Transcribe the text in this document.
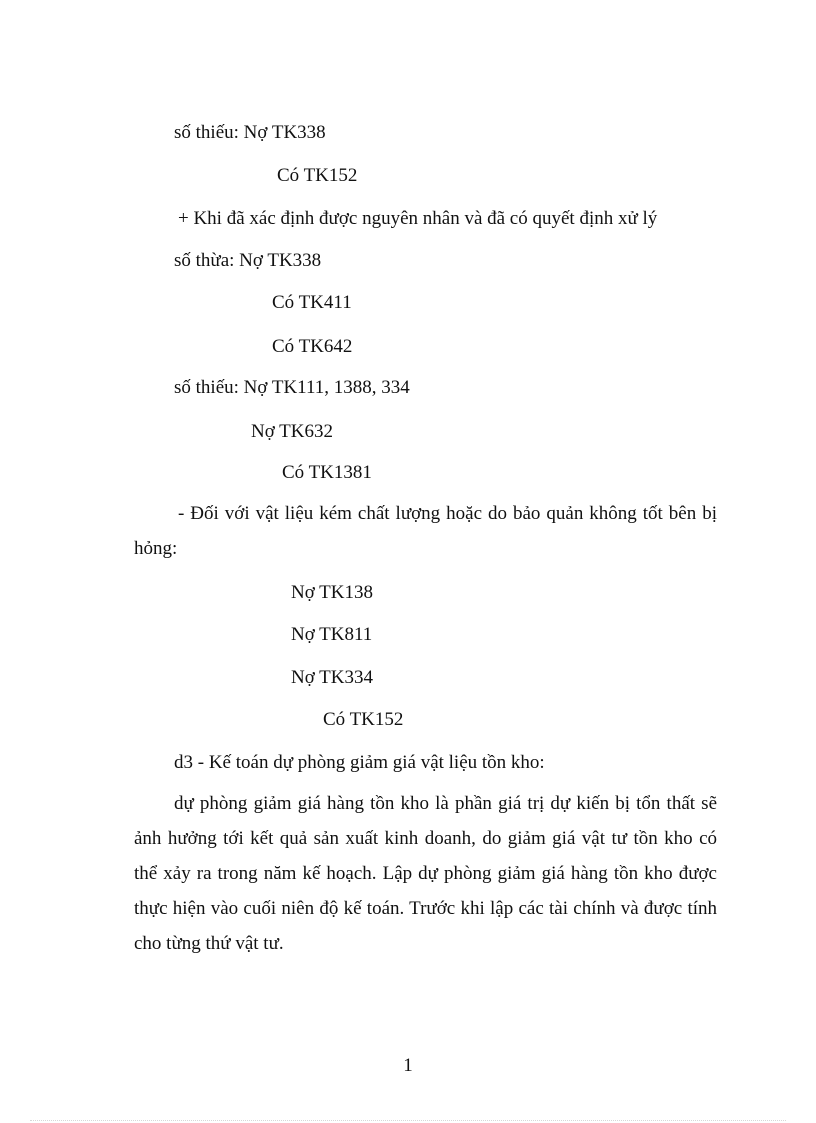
số thiếu: Nợ TK338
Có TK152
+ Khi đã xác định được nguyên nhân và đã có quyết định xử lý
số thừa: Nợ TK338
Có TK411
Có TK642
số thiếu: Nợ TK111, 1388, 334
Nợ TK632
Có TK1381

- Đối với vật liệu kém chất lượng hoặc do bảo quản không tốt bên bị hỏng:

Nợ TK138
Nợ TK811
Nợ TK334
Có TK152
d3 - Kế toán dự phòng giảm giá vật liệu tồn kho:

dự phòng giảm giá hàng tồn kho là phần giá trị dự kiến bị tổn thất sẽ ảnh hưởng tới kết quả sản xuất kinh doanh, do giảm giá vật tư tồn kho có thể xảy ra trong năm kế hoạch. Lập dự phòng giảm giá hàng tồn kho được thực hiện vào cuối niên độ kế toán. Trước khi lập các tài chính và được tính cho từng thứ vật tư.

1
